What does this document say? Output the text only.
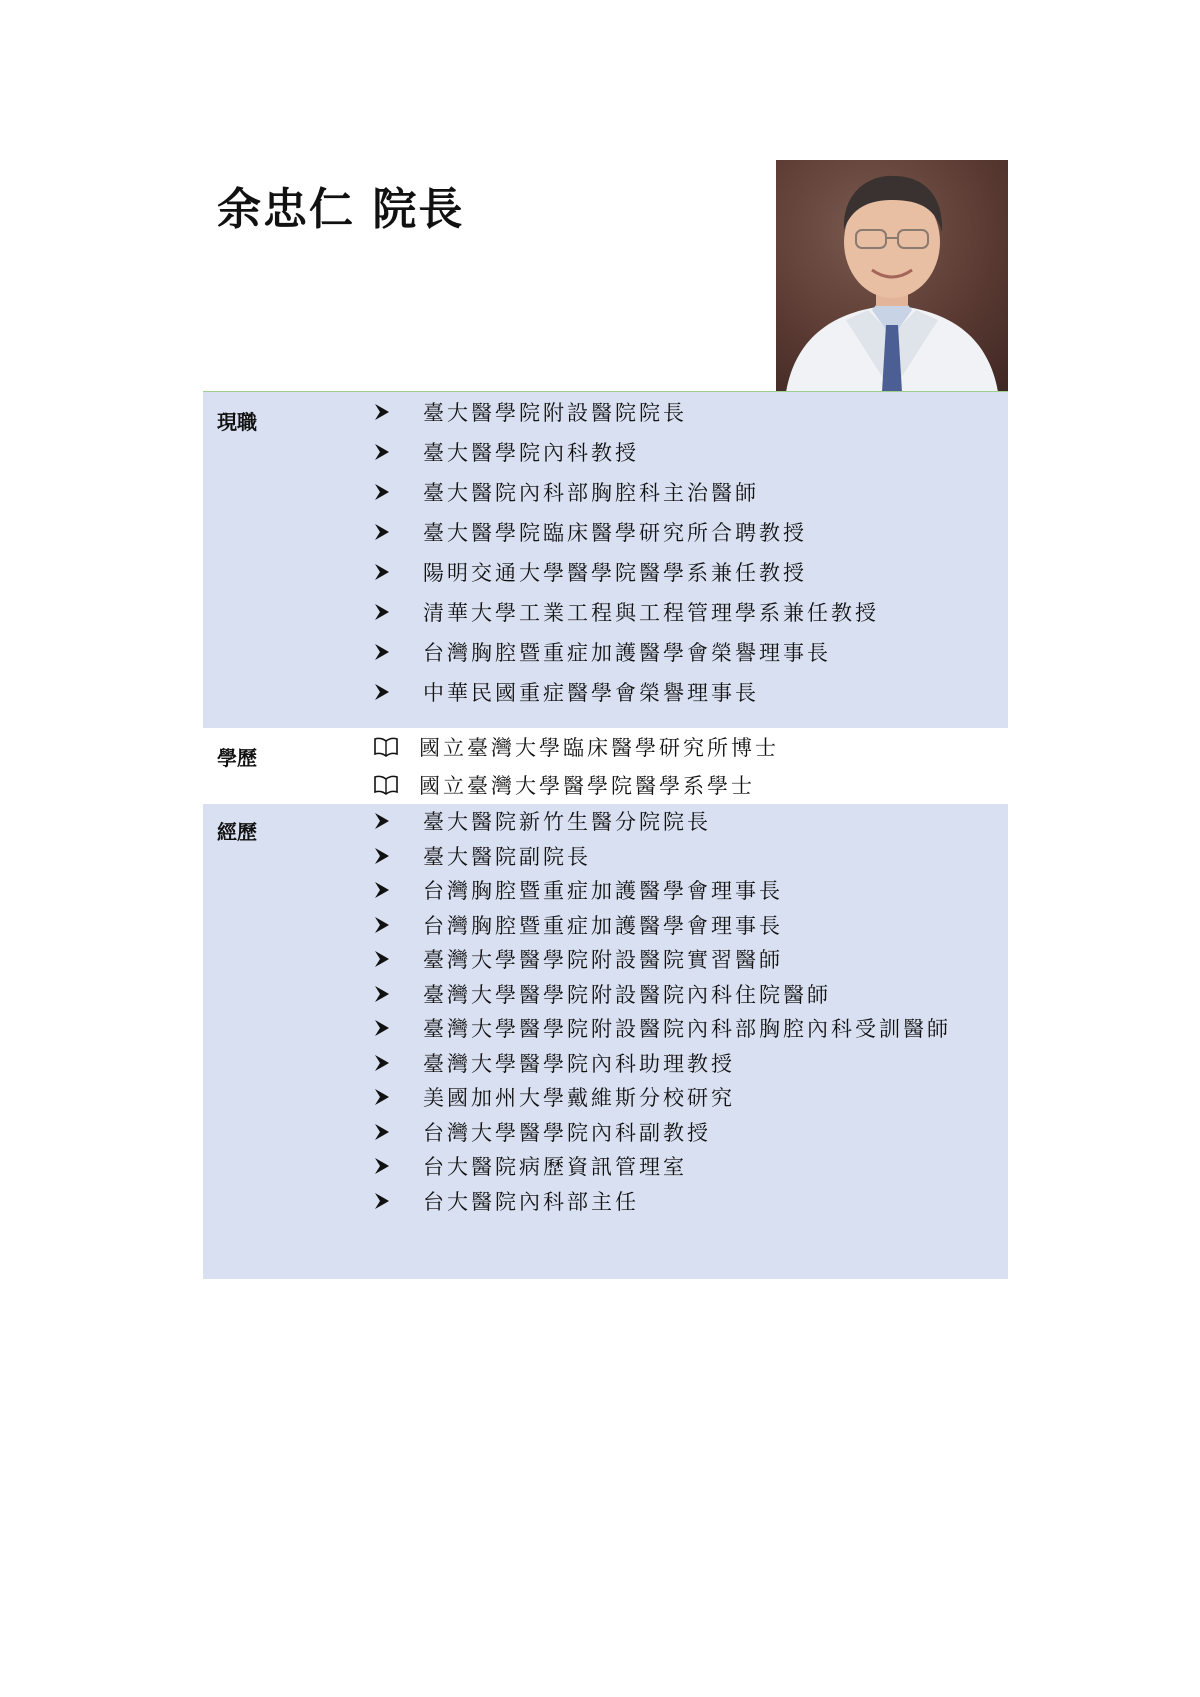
余忠仁 院長
現職	臺大醫學院附設醫院院長
臺大醫學院內科教授
臺大醫院內科部胸腔科主治醫師
臺大醫學院臨床醫學研究所合聘教授
陽明交通大學醫學院醫學系兼任教授
清華大學工業工程與工程管理學系兼任教授
台灣胸腔暨重症加護醫學會榮譽理事長
中華民國重症醫學會榮譽理事長
學歷	國立臺灣大學臨床醫學研究所博士
國立臺灣大學醫學院醫學系學士
經歷	臺大醫院新竹生醫分院院長
臺大醫院副院長
台灣胸腔暨重症加護醫學會理事長
台灣胸腔暨重症加護醫學會理事長
臺灣大學醫學院附設醫院實習醫師
臺灣大學醫學院附設醫院內科住院醫師
臺灣大學醫學院附設醫院內科部胸腔內科受訓醫師
臺灣大學醫學院內科助理教授
美國加州大學戴維斯分校研究
台灣大學醫學院內科副教授
台大醫院病歷資訊管理室
台大醫院內科部主任
